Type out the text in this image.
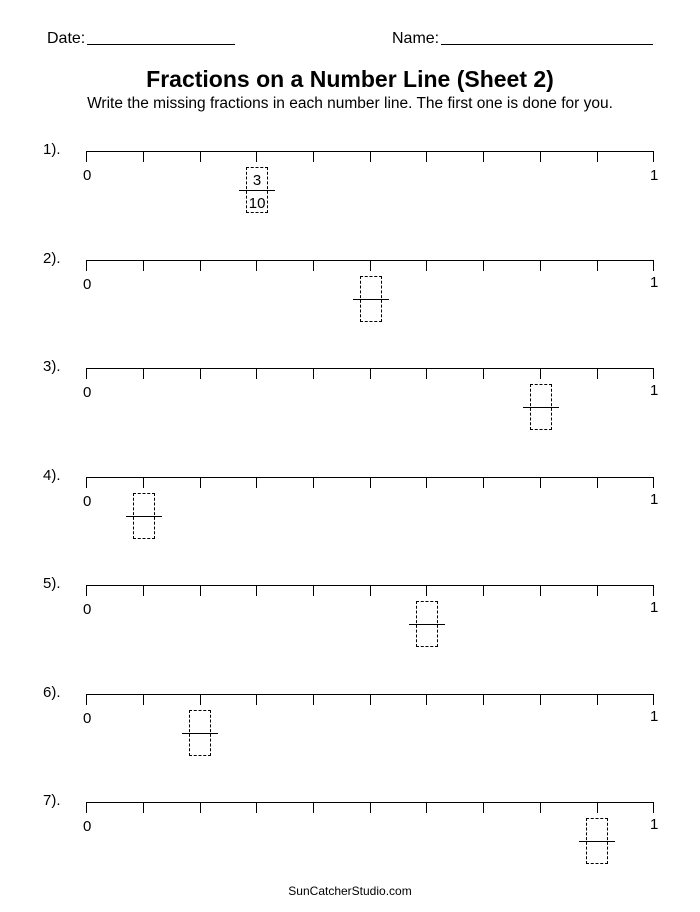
Date:	Name:
Fractions on a Number Line (Sheet 2)
Write the missing fractions in each number line. The first one is done for you.
1).
0	1
3
10
2).
0	1
3).
0	1
4).
0	1
5).
0	1
6).
0	1
7).
0	1
SunCatcherStudio.com
